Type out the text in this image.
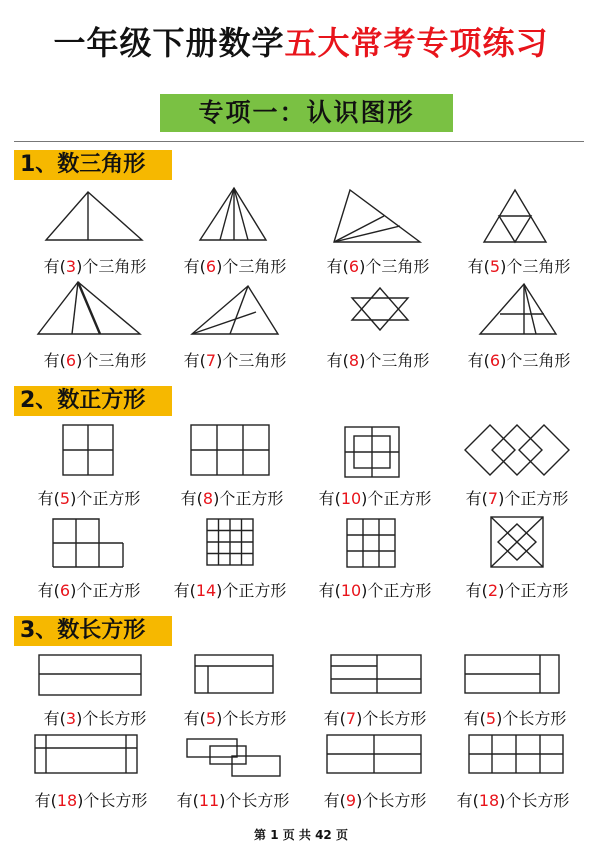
一年级下册数学五大常考专项练习
专项一：认识图形
1、数三角形
2、数正方形
3、数长方形
有(3)个三角形	有(6)个三角形	有(6)个三角形	有(5)个三角形
有(6)个三角形	有(7)个三角形	有(8)个三角形	有(6)个三角形
有(5)个正方形	有(8)个正方形	有(10)个正方形	有(7)个正方形
有(6)个正方形	有(14)个正方形	有(10)个正方形	有(2)个正方形
有(3)个长方形	有(5)个长方形	有(7)个长方形	有(5)个长方形
有(18)个长方形	有(11)个长方形	有(9)个长方形	有(18)个长方形
第 1 页 共 42 页
